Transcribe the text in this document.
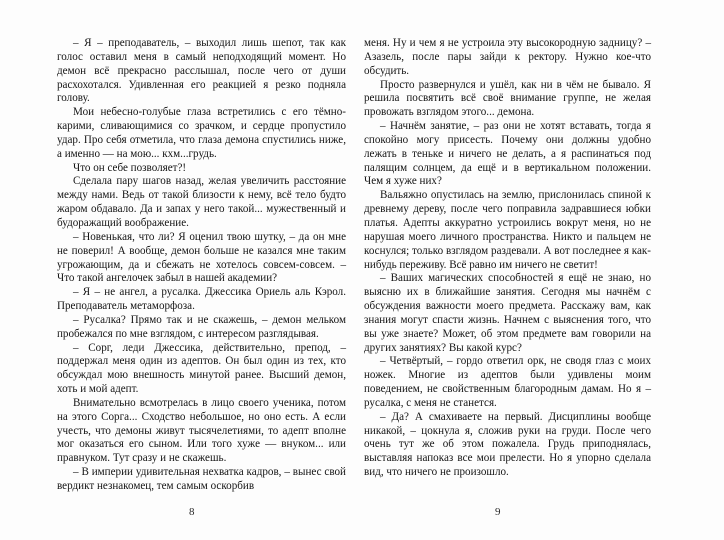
– Я – преподаватель, – выходил лишь шепот, так как голос оставил меня в самый неподходящий момент. Но демон всё прекрасно расслышал, после чего от души расхохотался. Удивленная его реакцией я резко подняла голову.

Мои небесно-голубые глаза встретились с его тёмно-карими, сливающимися со зрачком, и сердце пропустило удар. Про себя отметила, что глаза демона спустились ниже, а именно — на мою... кхм...грудь.

Что он себе позволяет?!

Сделала пару шагов назад, желая увеличить расстояние между нами. Ведь от такой близости к нему, всё тело будто жаром обдавало. Да и запах у него такой... мужественный и будоражащий воображение.

– Новенькая, что ли? Я оценил твою шутку, – да он мне не поверил! А вообще, демон больше не казался мне таким угрожающим, да и сбежать не хотелось совсем-совсем. – Что такой ангелочек забыл в нашей академии?

– Я – не ангел, а русалка. Джессика Ориель аль Кэрол. Преподаватель метаморфоза.

– Русалка? Прямо так и не скажешь, – демон мельком пробежался по мне взглядом, с интересом разглядывая.

– Сорг, леди Джессика, действительно, препод, – поддержал меня один из адептов. Он был один из тех, кто обсуждал мою внешность минутой ранее. Высший демон, хоть и мой адепт.

Внимательно всмотрелась в лицо своего ученика, потом на этого Сорга... Сходство небольшое, но оно есть. А если учесть, что демоны живут тысячелетиями, то адепт вполне мог оказаться его сыном. Или того хуже — внуком... или правнуком. Тут сразу и не скажешь.

– В империи удивительная нехватка кадров, – вынес свой вердикт незнакомец, тем самым оскорбив

8

меня. Ну и чем я не устроила эту высокородную задницу? – Азазель, после пары зайди к ректору. Нужно кое-что обсудить.

Просто развернулся и ушёл, как ни в чём не бывало. Я решила посвятить всё своё внимание группе, не желая провожать взглядом этого... демона.

– Начнём занятие, – раз они не хотят вставать, тогда я спокойно могу присесть. Почему они должны удобно лежать в теньке и ничего не делать, а я распинаться под палящим солнцем, да ещё и в вертикальном положении. Чем я хуже них?

Вальяжно опустилась на землю, прислонилась спиной к древнему дереву, после чего поправила задравшиеся юбки платья. Адепты аккуратно устроились вокрут меня, но не нарушая моего личного пространства. Никто и пальцем не коснулся; только взглядом раздевали. А вот последнее я как-нибудь переживу. Всё равно им ничего не светит!

– Ваших магических способностей я ещё не знаю, но выясню их в ближайшие занятия. Сегодня мы начнём с обсуждения важности моего предмета. Расскажу вам, как знания могут спасти жизнь. Начнем с выяснения того, что вы уже знаете? Может, об этом предмете вам говорили на других занятиях? Вы какой курс?

– Четвёртый, – гордо ответил орк, не сводя глаз с моих ножек. Многие из адептов были удивлены моим поведением, не свойственным благородным дамам. Но я – русалка, с меня не станется.

– Да? А смахиваете на первый. Дисциплины вообще никакой, – цокнула я, сложив руки на груди. После чего очень тут же об этом пожалела. Грудь приподнялась, выставляя напоказ все мои прелести. Но я упорно сделала вид, что ничего не произошло.

9
